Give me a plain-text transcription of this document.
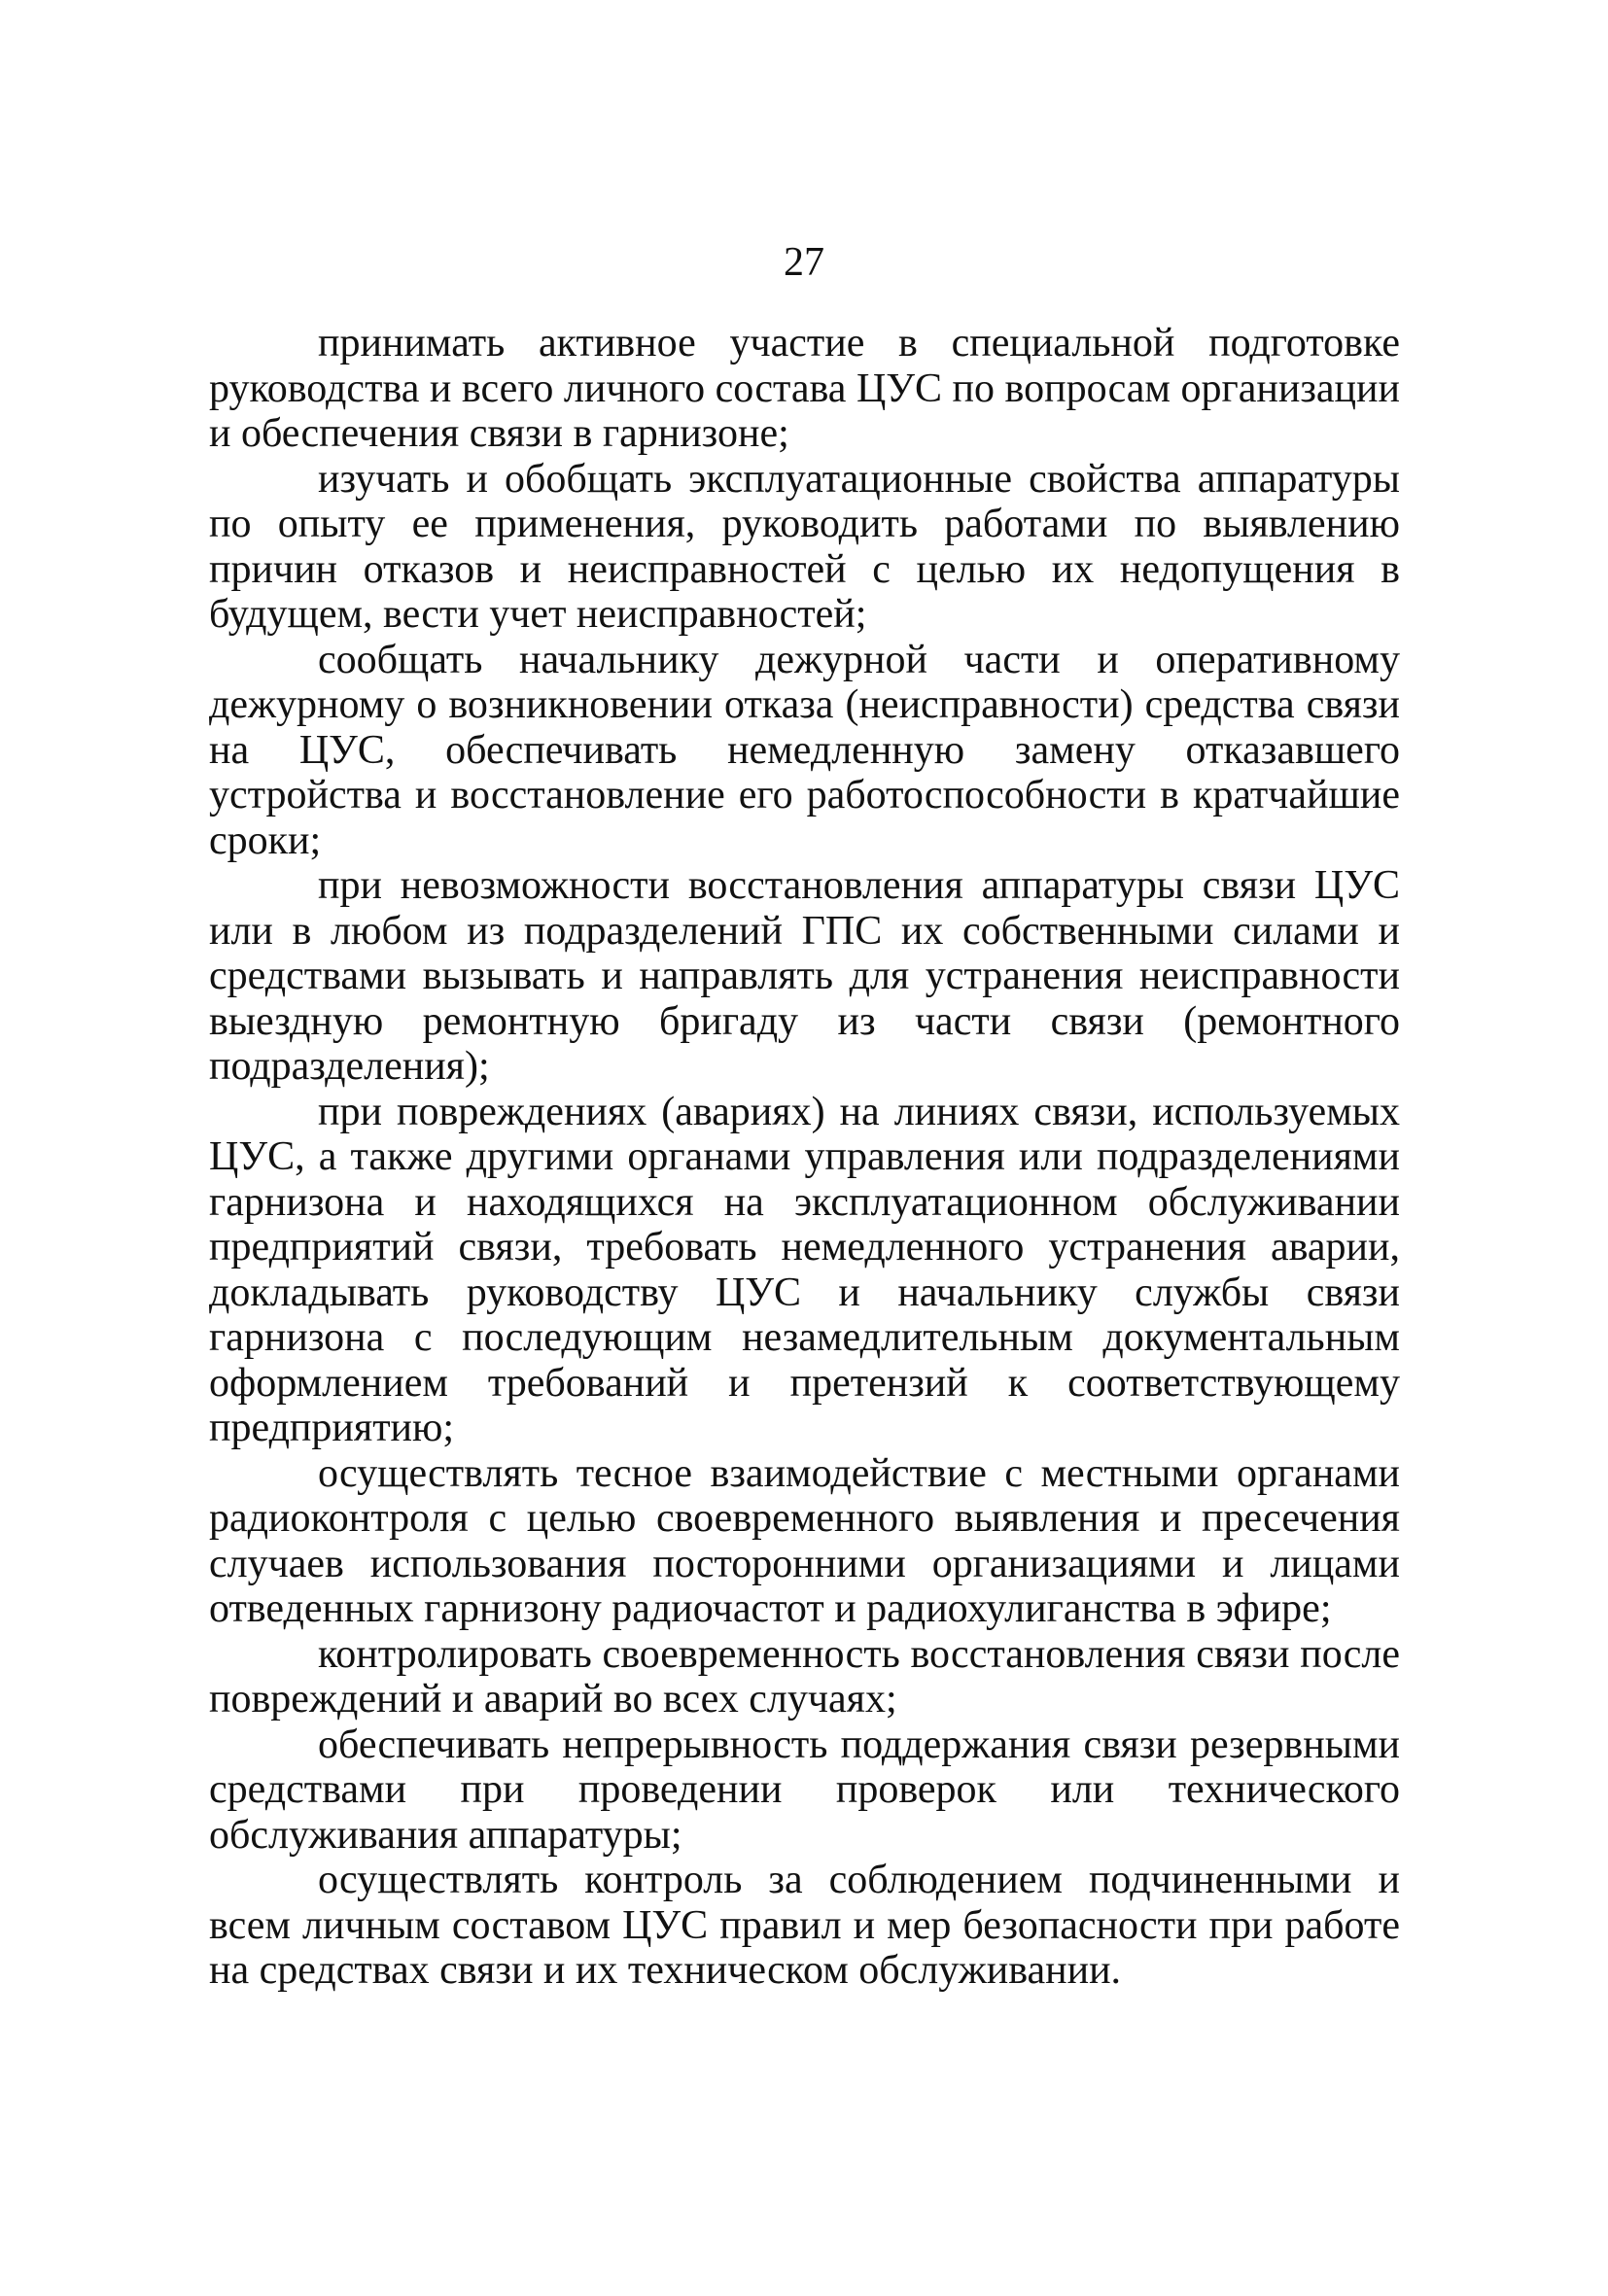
27

принимать активное участие в специальной подготовке руководства и всего личного состава ЦУС по вопросам организации и обеспечения связи в гарнизоне;

изучать и обобщать эксплуатационные свойства аппаратуры по опыту ее применения, руководить работами по выявлению причин отказов и неисправностей с целью их недопущения в будущем, вести учет неисправностей;

сообщать начальнику дежурной части и оперативному дежурному о возникновении отказа (неисправности) средства связи на ЦУС, обеспечивать немедленную замену отказавшего устройства и восстановление его работоспособности в кратчайшие сроки;

при невозможности восстановления аппаратуры связи ЦУС или в любом из подразделений ГПС их собственными силами и средствами вызывать и направлять для устранения неисправности выездную ремонтную бригаду из части связи (ремонтного подразделения);

при повреждениях (авариях) на линиях связи, используемых ЦУС, а также другими органами управления или подразделениями гарнизона и находящихся на эксплуатационном обслуживании предприятий связи, требовать немедленного устранения аварии, докладывать руководству ЦУС и начальнику службы связи гарнизона с последующим незамедлительным документальным оформлением требований и претензий к соответствующему предприятию;

осуществлять тесное взаимодействие с местными органами радиоконтроля с целью своевременного выявления и пресечения случаев использования посторонними организациями и лицами отведенных гарнизону радиочастот и радиохулиганства в эфире;

контролировать своевременность восстановления связи после повреждений и аварий во всех случаях;

обеспечивать непрерывность поддержания связи резервными средствами при проведении проверок или технического обслуживания аппаратуры;

осуществлять контроль за соблюдением подчиненными и всем личным составом ЦУС правил и мер безопасности при работе на средствах связи и их техническом обслуживании.
